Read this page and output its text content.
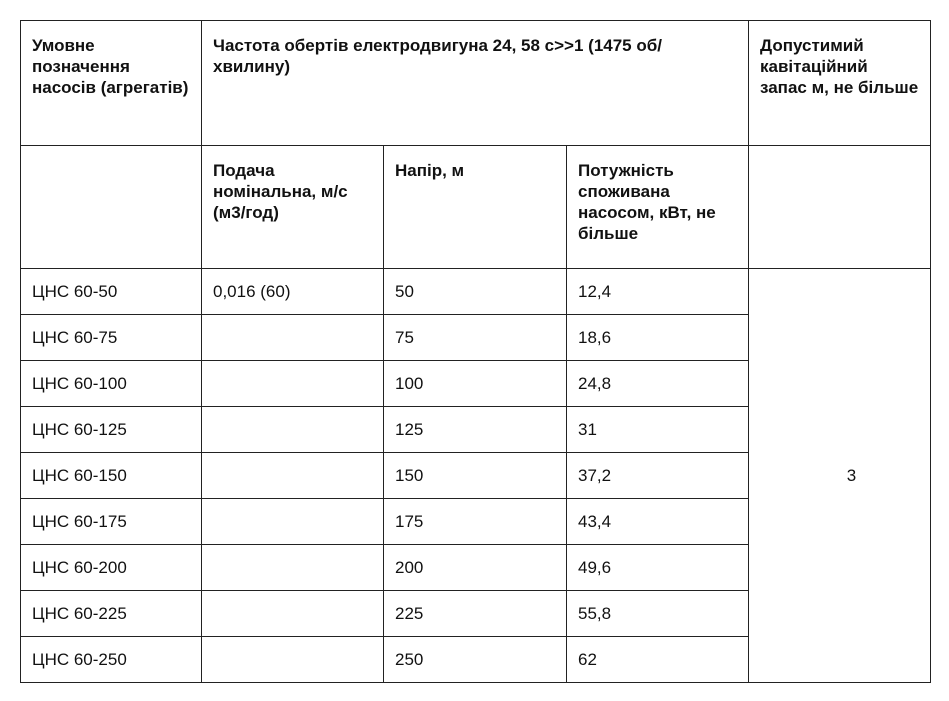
Умовне позначення насосів (агрегатів)	Частота обертів електродвигуна 24, 58 c>>1 (1475 об/хвилину)			Допустимий кавітаційний запас м, не більше
	Подача номінальна, м/с (м3/год)	Напір, м	Потужність споживана насосом, кВт, не більше	
ЦНС 60-50	0,016 (60)	50	12,4	3
ЦНС 60-75		75	18,6	
ЦНС 60-100		100	24,8	
ЦНС 60-125		125	31	
ЦНС 60-150		150	37,2	
ЦНС 60-175		175	43,4	
ЦНС 60-200		200	49,6	
ЦНС 60-225		225	55,8	
ЦНС 60-250		250	62	
